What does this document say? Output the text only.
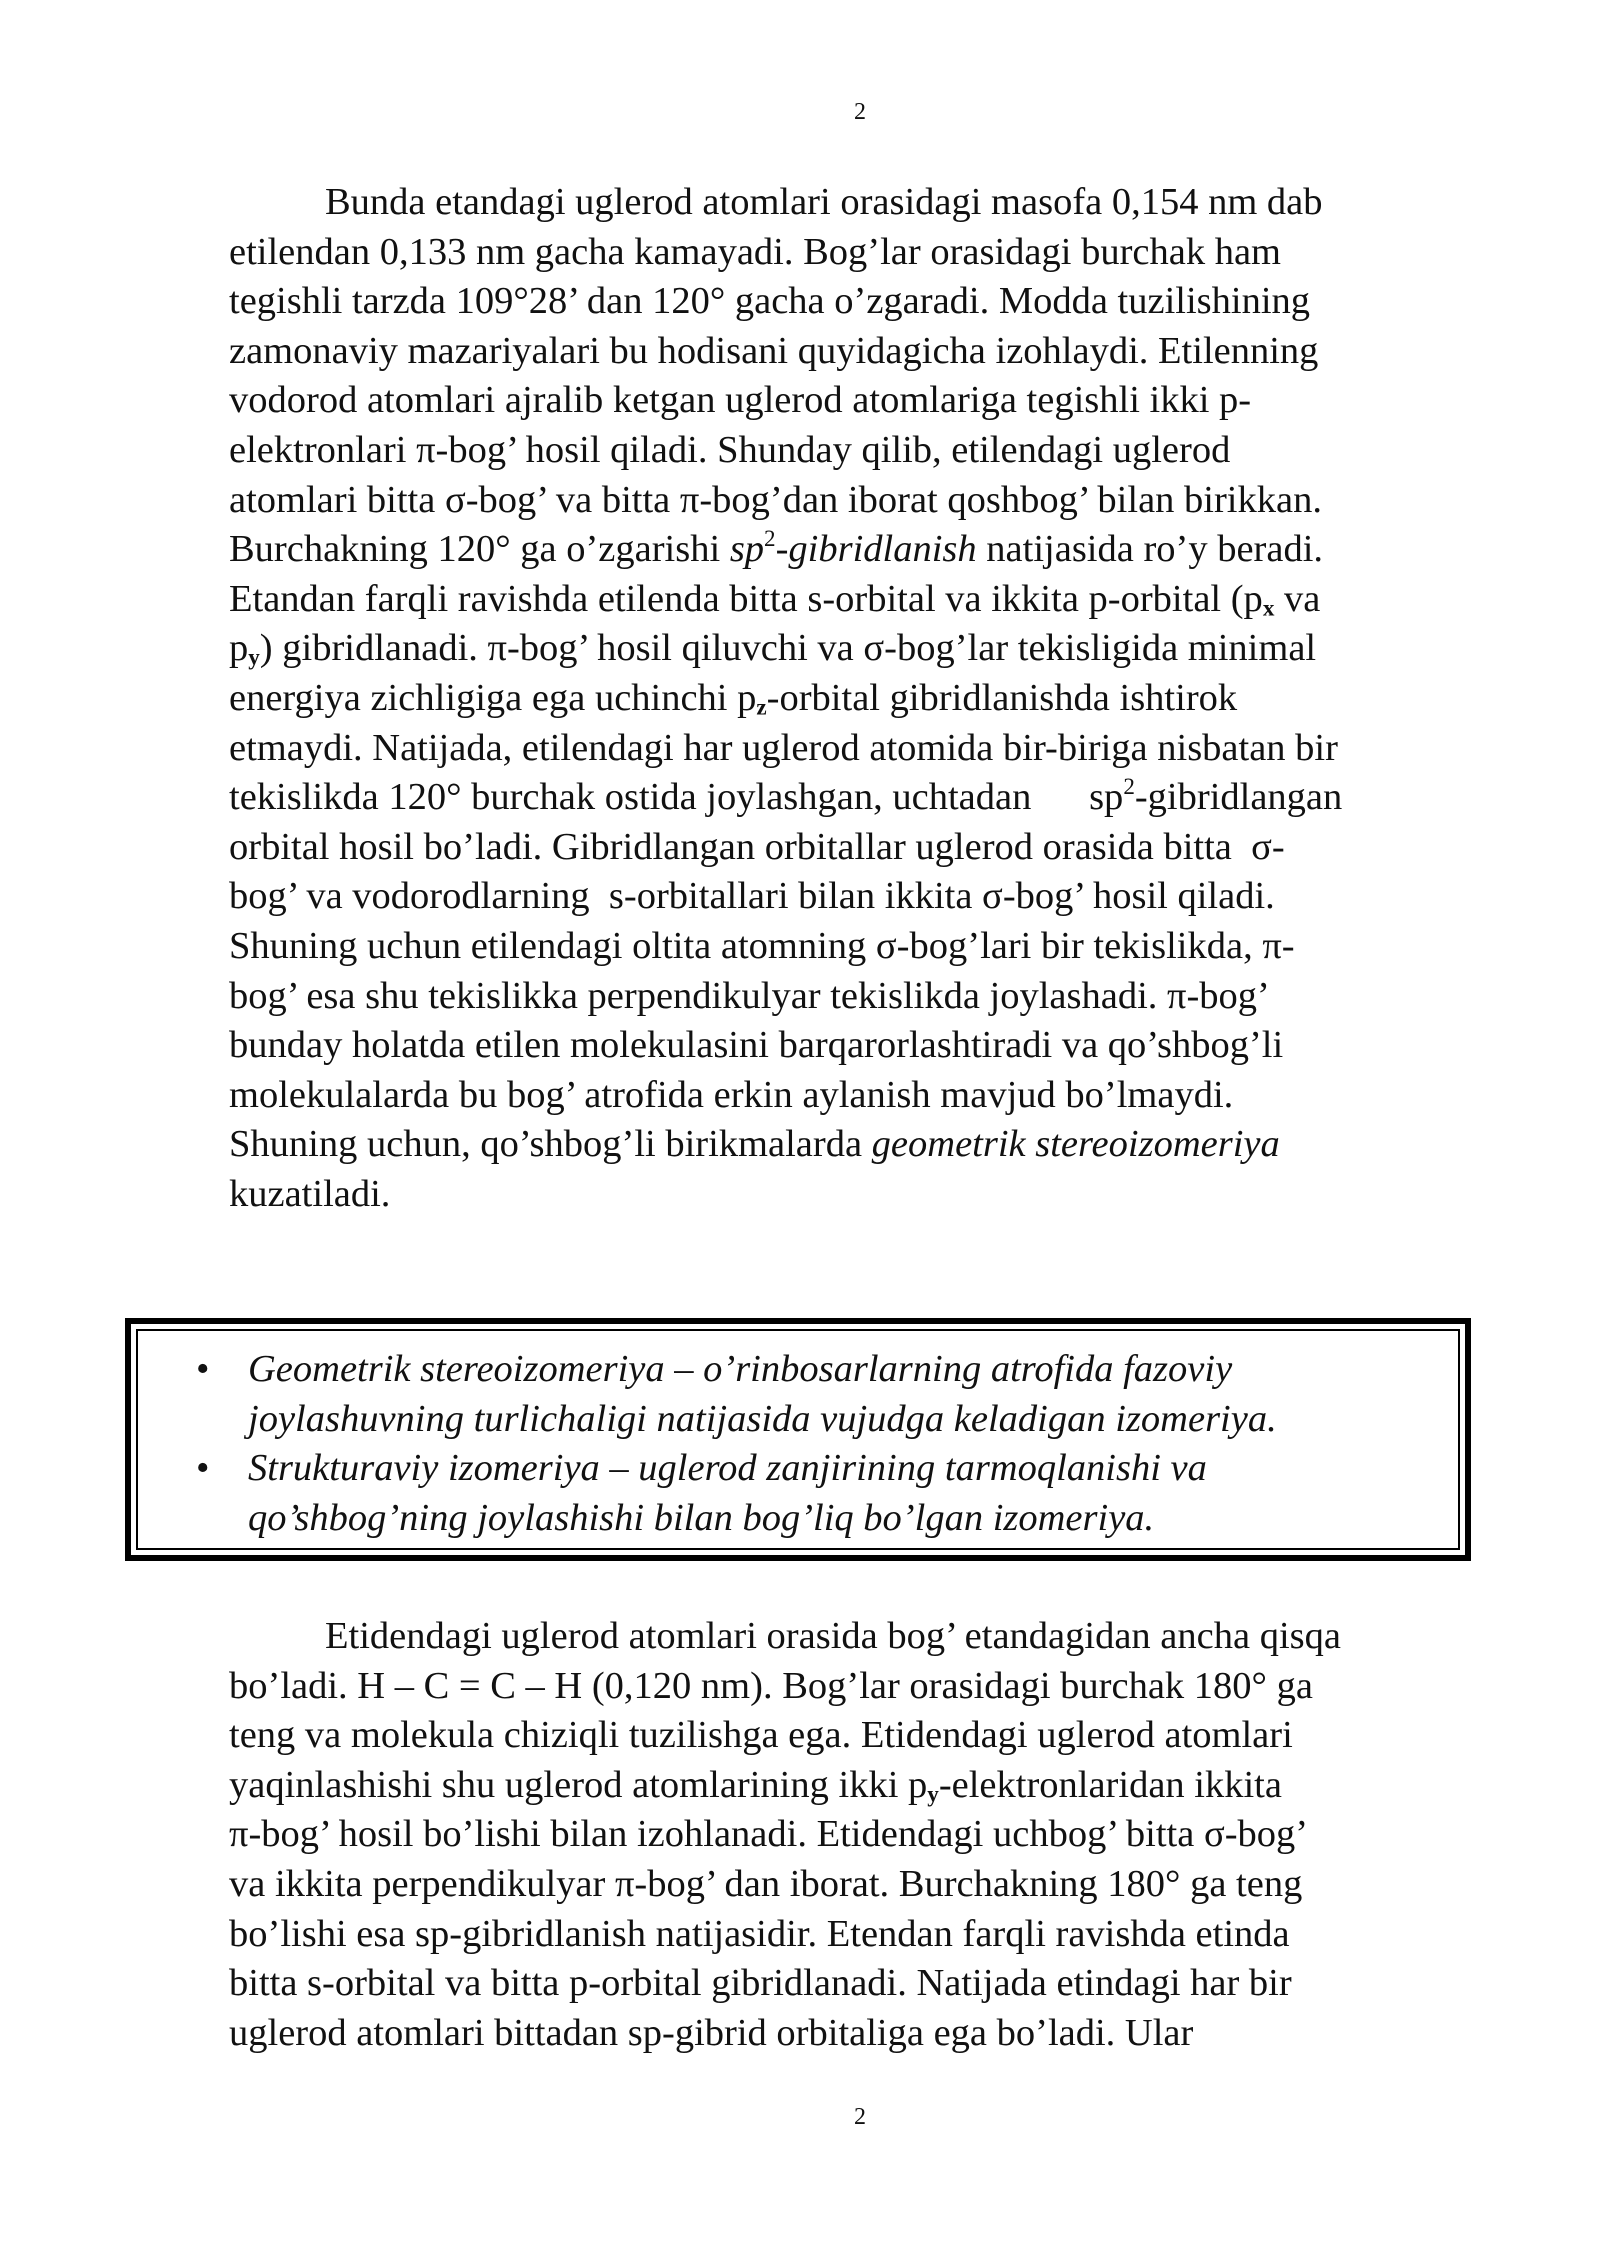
2
Bunda etandagi uglerod atomlari orasidagi masofa 0,154 nm dab
etilendan 0,133 nm gacha kamayadi. Bog’lar orasidagi burchak ham
tegishli tarzda 109°28’ dan 120° gacha o’zgaradi. Modda tuzilishining
zamonaviy mazariyalari bu hodisani quyidagicha izohlaydi. Etilenning
vodorod atomlari ajralib ketgan uglerod atomlariga tegishli ikki p-
elektronlari π-bog’ hosil qiladi. Shunday qilib, etilendagi uglerod
atomlari bitta σ-bog’ va bitta π-bog’dan iborat qoshbog’ bilan birikkan.
Burchakning 120° ga o’zgarishi $sp^2$-gibridlanish natijasida ro’y beradi.
Etandan farqli ravishda etilenda bitta s-orbital va ikkita p-orbital ($p_x$ va
$p_y$) gibridlanadi. π-bog’ hosil qiluvchi va σ-bog’lar tekisligida minimal
energiya zichligiga ega uchinchi $p_z$-orbital gibridlanishda ishtirok
etmaydi. Natijada, etilendagi har uglerod atomida bir-biriga nisbatan bir
tekislikda 120° burchak ostida joylashgan, uchtadan      $sp^2$-gibridlangan
orbital hosil bo’ladi. Gibridlangan orbitallar uglerod orasida bitta  σ-
bog’ va vodorodlarning  s-orbitallari bilan ikkita σ-bog’ hosil qiladi.
Shuning uchun etilendagi oltita atomning σ-bog’lari bir tekislikda, π-
bog’ esa shu tekislikka perpendikulyar tekislikda joylashadi. π-bog’
bunday holatda etilen molekulasini barqarorlashtiradi va qo’shbog’li
molekulalarda bu bog’ atrofida erkin aylanish mavjud bo’lmaydi.
Shuning uchun, qo’shbog’li birikmalarda geometrik stereoizomeriya
kuzatiladi.
• Geometrik stereoizomeriya – o’rinbosarlarning atrofida fazoviy
joylashuvning turlichaligi natijasida vujudga keladigan izomeriya.
• Strukturaviy izomeriya – uglerod zanjirining tarmoqlanishi va
qo’shbog’ning joylashishi bilan bog’liq bo’lgan izomeriya.
Etidendagi uglerod atomlari orasida bog’ etandagidan ancha qisqa
bo’ladi. H – C = C – H (0,120 nm). Bog’lar orasidagi burchak 180° ga
teng va molekula chiziqli tuzilishga ega. Etidendagi uglerod atomlari
yaqinlashishi shu uglerod atomlarining ikki $p_y$-elektronlaridan ikkita
π-bog’ hosil bo’lishi bilan izohlanadi. Etidendagi uchbog’ bitta σ-bog’
va ikkita perpendikulyar π-bog’ dan iborat. Burchakning 180° ga teng
bo’lishi esa sp-gibridlanish natijasidir. Etendan farqli ravishda etinda
bitta s-orbital va bitta p-orbital gibridlanadi. Natijada etindagi har bir
uglerod atomlari bittadan sp-gibrid orbitaliga ega bo’ladi. Ular
2
